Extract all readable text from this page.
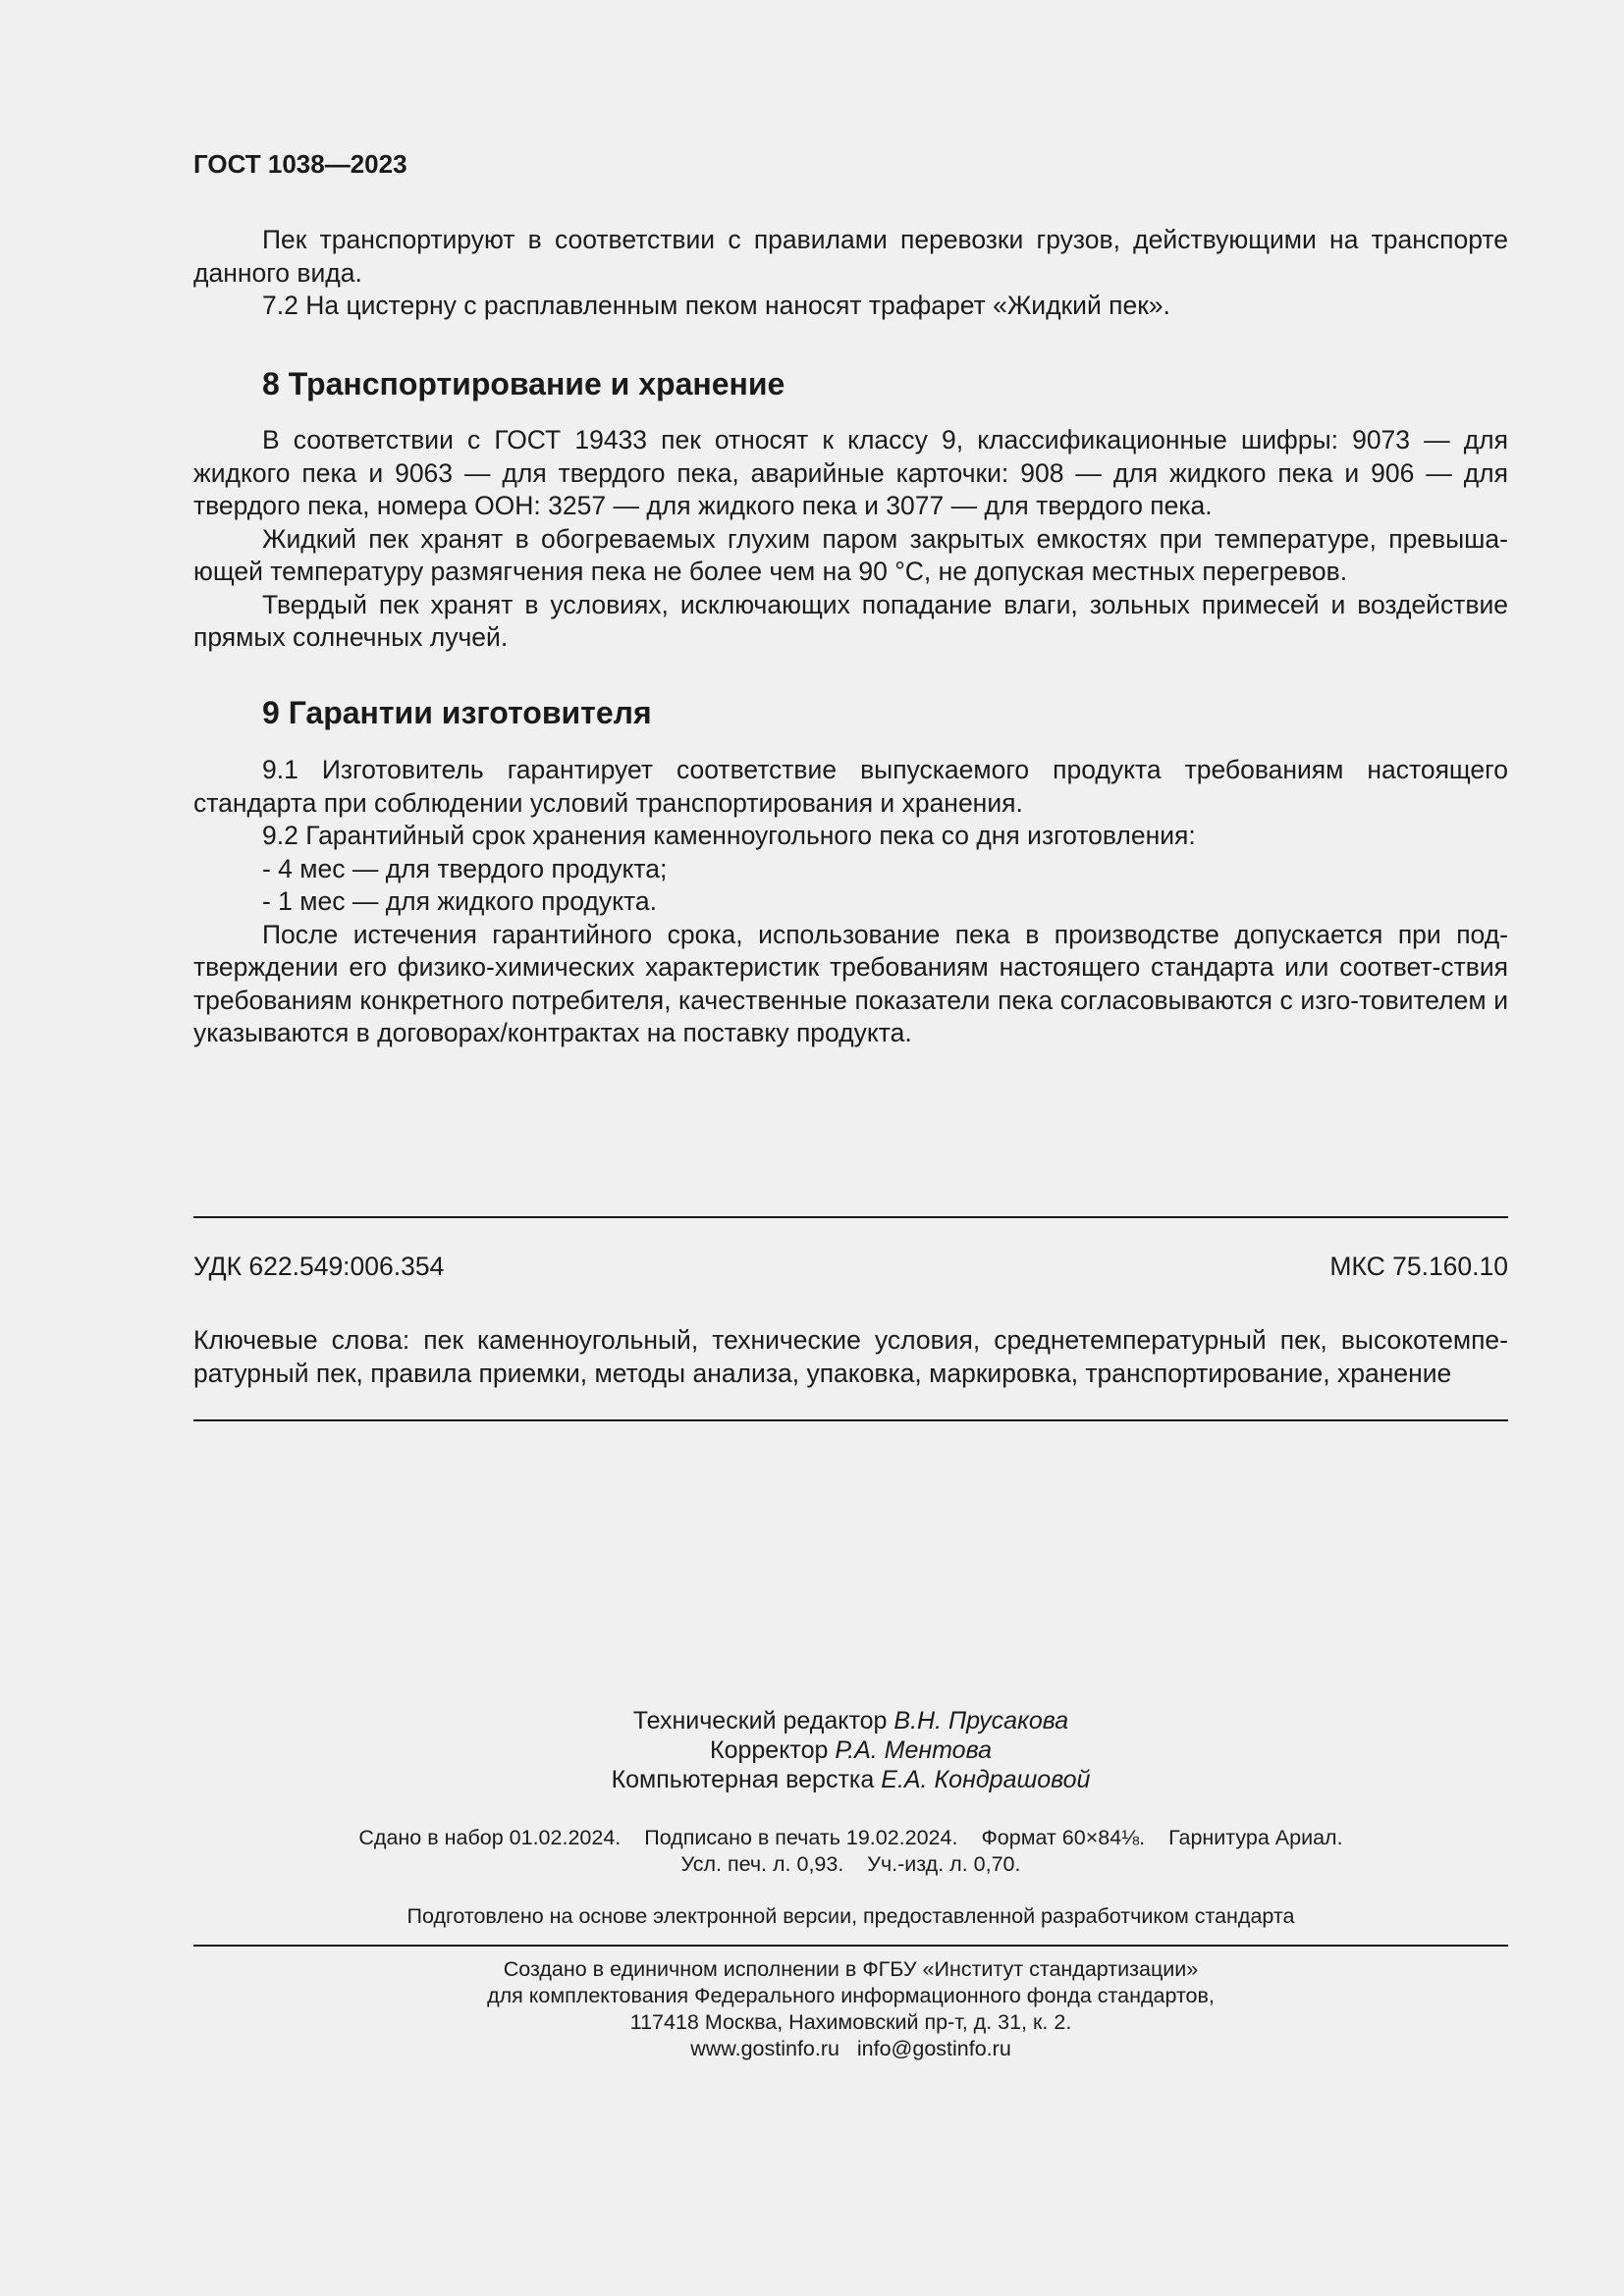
ГОСТ 1038—2023

Пек транспортируют в соответствии с правилами перевозки грузов, действующими на транспорте данного вида.

7.2 На цистерну с расплавленным пеком наносят трафарет «Жидкий пек».

8 Транспортирование и хранение

В соответствии с ГОСТ 19433 пек относят к классу 9, классификационные шифры: 9073 — для жидкого пека и 9063 — для твердого пека, аварийные карточки: 908 — для жидкого пека и 906 — для твердого пека, номера ООН: 3257 — для жидкого пека и 3077 — для твердого пека.

Жидкий пек хранят в обогреваемых глухим паром закрытых емкостях при температуре, превыша-ющей температуру размягчения пека не более чем на 90 °С, не допуская местных перегревов.

Твердый пек хранят в условиях, исключающих попадание влаги, зольных примесей и воздействие прямых солнечных лучей.

9 Гарантии изготовителя

9.1 Изготовитель гарантирует соответствие выпускаемого продукта требованиям настоящего стандарта при соблюдении условий транспортирования и хранения.

9.2 Гарантийный срок хранения каменноугольного пека со дня изготовления:

- 4 мес — для твердого продукта;

- 1 мес — для жидкого продукта.

После истечения гарантийного срока, использование пека в производстве допускается при под-тверждении его физико-химических характеристик требованиям настоящего стандарта или соответ-ствия требованиям конкретного потребителя, качественные показатели пека согласовываются с изго-товителем и указываются в договорах/контрактах на поставку продукта.

УДК 622.549:006.354	МКС 75.160.10

Ключевые слова: пек каменноугольный, технические условия, среднетемпературный пек, высокотемпе-ратурный пек, правила приемки, методы анализа, упаковка, маркировка, транспортирование, хранение

Технический редактор В.Н. Прусакова
Корректор Р.А. Ментова
Компьютерная верстка Е.А. Кондрашовой
Сдано в набор 01.02.2024. Подписано в печать 19.02.2024. Формат 60×84⅛. Гарнитура Ариал.
Усл. печ. л. 0,93. Уч.-изд. л. 0,70.
Подготовлено на основе электронной версии, предоставленной разработчиком стандарта
Создано в единичном исполнении в ФГБУ «Институт стандартизации»
для комплектования Федерального информационного фонда стандартов,
117418 Москва, Нахимовский пр-т, д. 31, к. 2.
www.gostinfo.ru info@gostinfo.ru
